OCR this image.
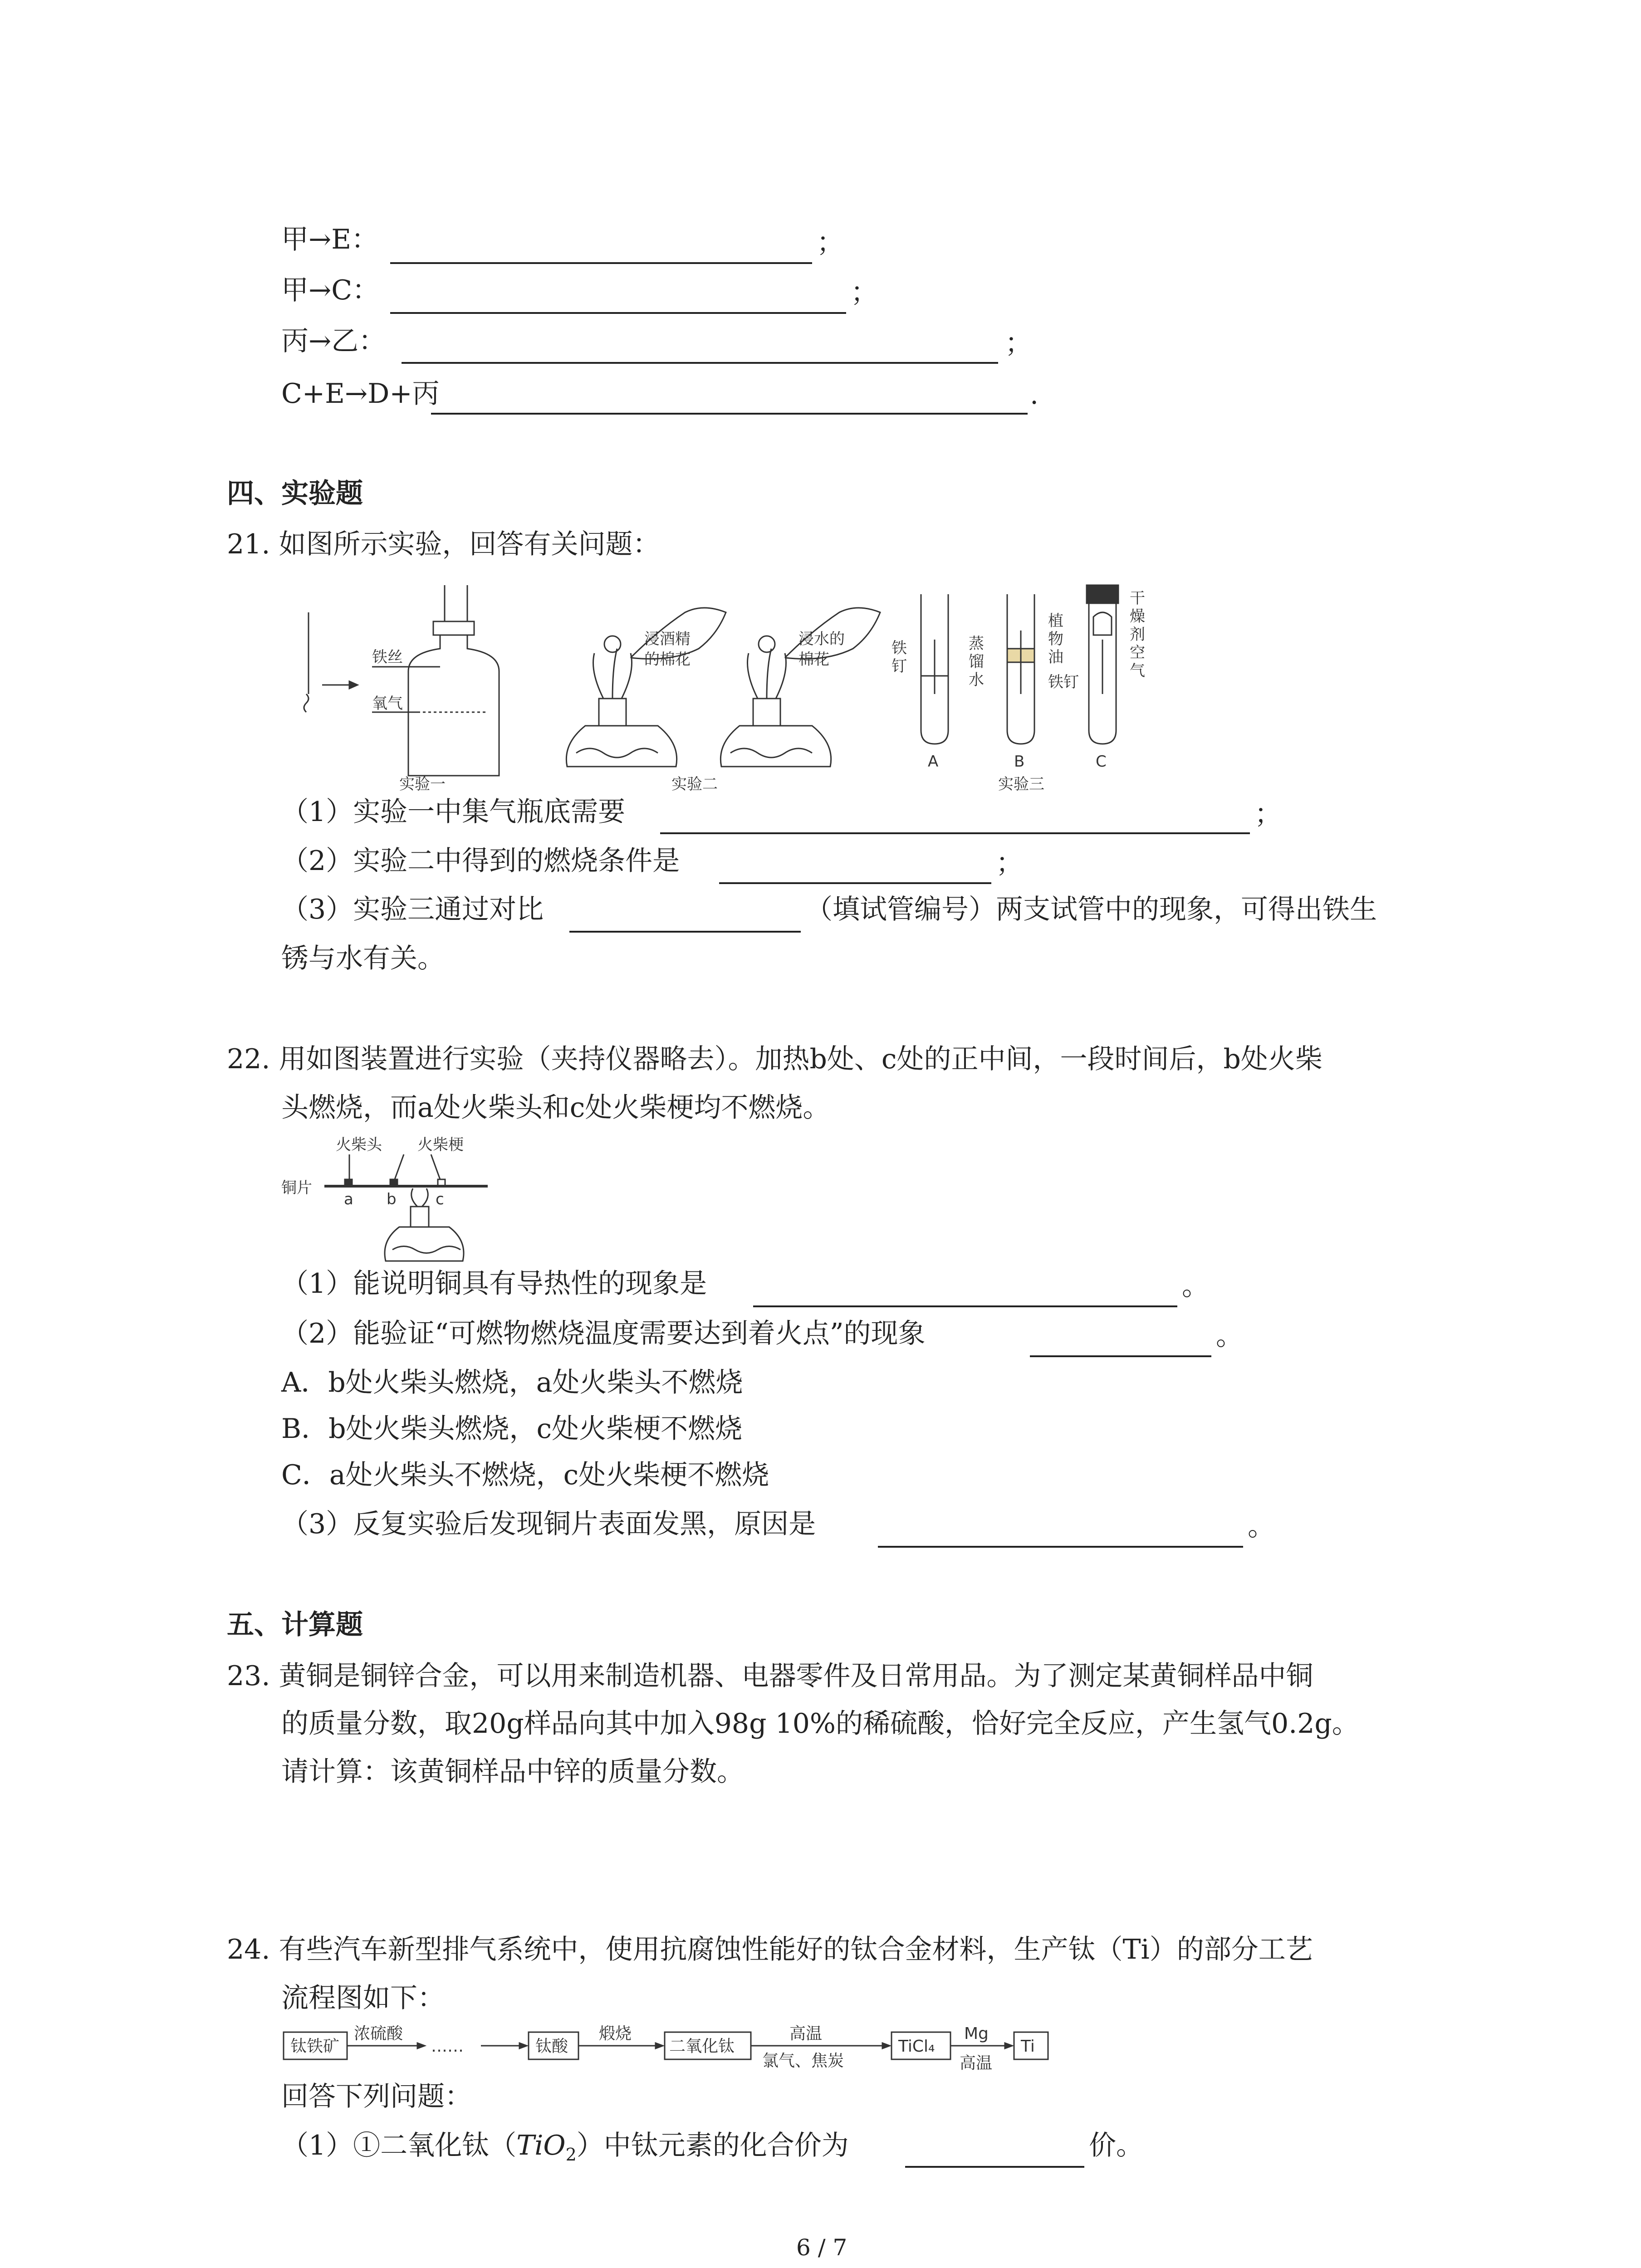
甲→E：	；
甲→C：	；
丙→乙：	；
C+E→D+丙	.
四、实验题
21. 如图所示实验，回答有关问题：
铁丝
氧气
实验一
浸酒精
的棉花
浸水的
棉花
实验二
铁
钉
蒸
馏
水
植
物
油
铁钉
干
燥
剂
空
气
A	B	C
实验三
（1）实验一中集气瓶底需要	；
（2）实验二中得到的燃烧条件是	；
（3）实验三通过对比	（填试管编号）两支试管中的现象，可得出铁生
锈与水有关。
22. 用如图装置进行实验（夹持仪器略去）。加热b处、c处的正中间，一段时间后，b处火柴
头燃烧，而a处火柴头和c处火柴梗均不燃烧。
火柴头 火柴梗
铜片
a b	c
（1）能说明铜具有导热性的现象是	。
（2）能验证“可燃物燃烧温度需要达到着火点”的现象	。
A．b处火柴头燃烧，a处火柴头不燃烧
B．b处火柴头燃烧，c处火柴梗不燃烧
C．a处火柴头不燃烧，c处火柴梗不燃烧
（3）反复实验后发现铜片表面发黑，原因是	。
五、计算题
23. 黄铜是铜锌合金，可以用来制造机器、电器零件及日常用品。为了测定某黄铜样品中铜
的质量分数，取20g样品向其中加入98g 10%的稀硫酸，恰好完全反应，产生氢气0.2g。
请计算：该黄铜样品中锌的质量分数。
24. 有些汽车新型排气系统中，使用抗腐蚀性能好的钛合金材料，生产钛（Ti）的部分工艺
流程图如下：
钛铁矿
浓硫酸
……	钛酸
煅烧
二氧化钛
高温
氯气、焦炭
TiCl₄
Mg
高温
Ti
回答下列问题：
（1）①二氧化钛（TiO$_2$）中钛元素的化合价为	价。
6 / 7
